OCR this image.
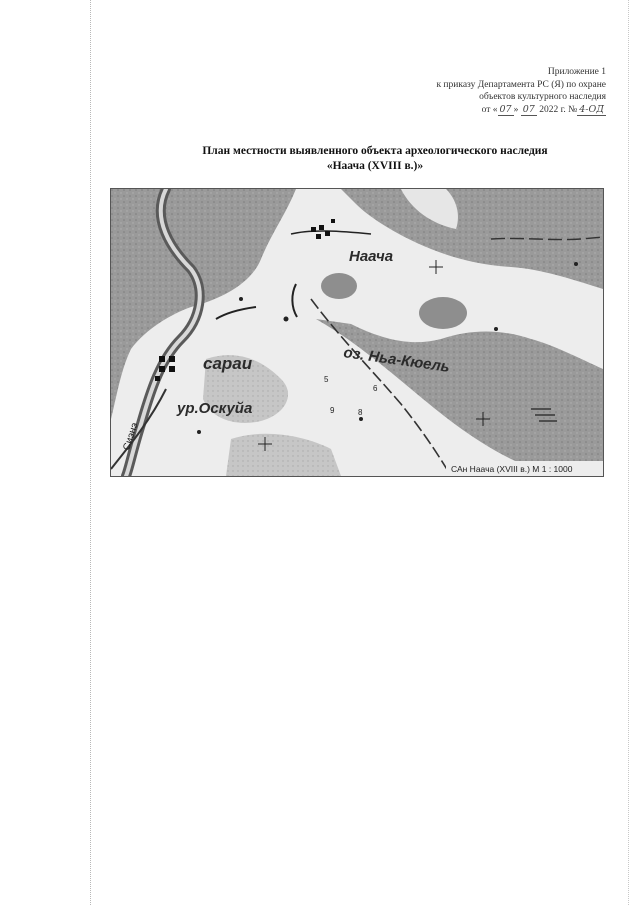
Приложение 1
к приказу Департамента РС (Я) по охране
объектов культурного наследия
от « 07 » 07 2022 г. № 4-ОД
План местности выявленного объекта археологического наследия
«Наача (XVIII в.)»
Наача
сараи
ур.Оскуйа
оз. Ньа-Кюель
Сиэнэ
5
6
8
9
САн Наача (XVIII в.) М 1 : 1000
